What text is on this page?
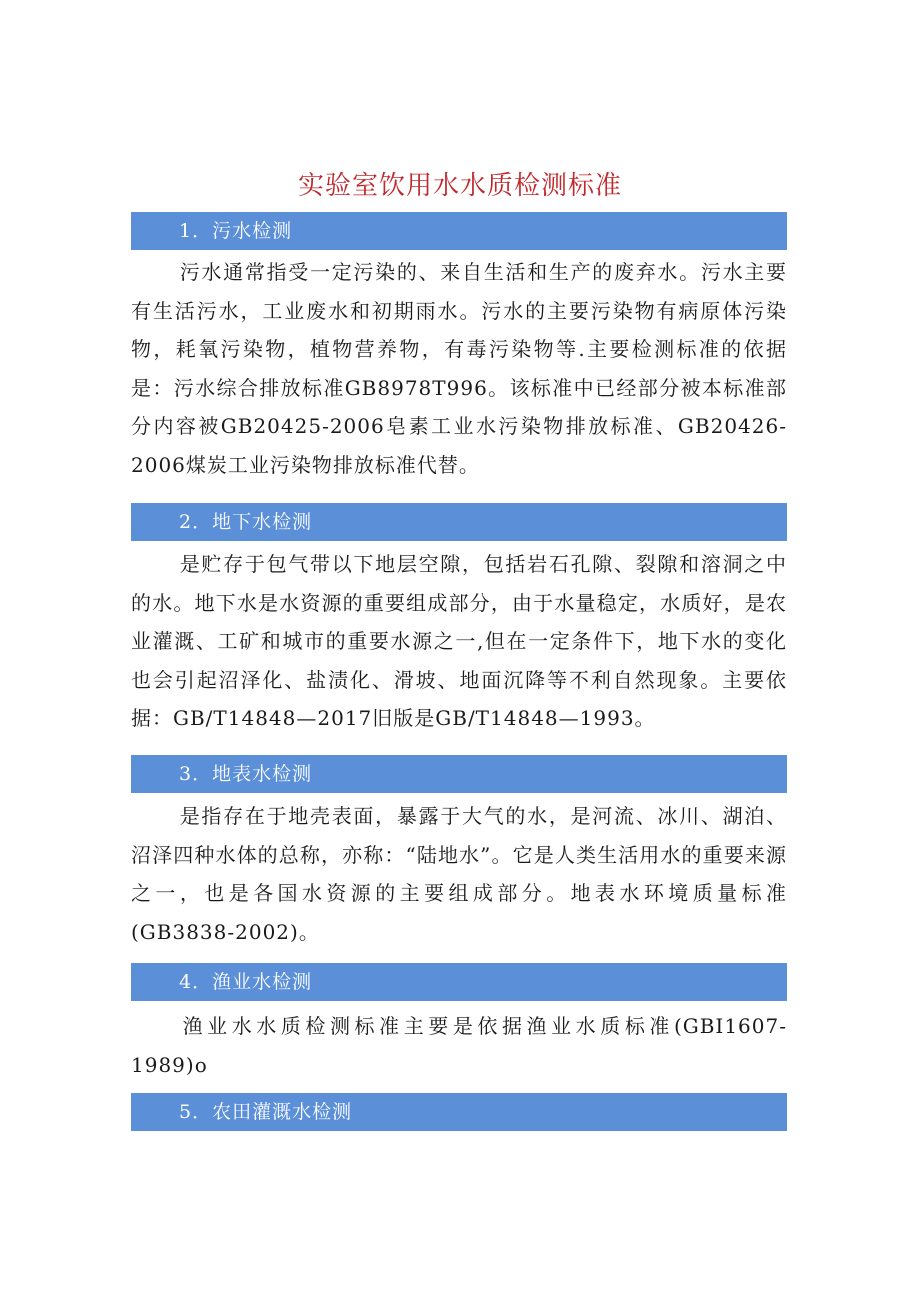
实验室饮用水水质检测标准
1．污水检测
污水通常指受一定污染的、来自生活和生产的废弃水。污水主要有生活污水，工业废水和初期雨水。污水的主要污染物有病原体污染物，耗氧污染物，植物营养物，有毒污染物等.主要检测标准的依据是：污水综合排放标准GB8978T996。该标准中已经部分被本标准部分内容被GB20425-2006皂素工业水污染物排放标准、GB20426-2006煤炭工业污染物排放标准代替。
2．地下水检测
是贮存于包气带以下地层空隙，包括岩石孔隙、裂隙和溶洞之中的水。地下水是水资源的重要组成部分，由于水量稳定，水质好，是农业灌溉、工矿和城市的重要水源之一,但在一定条件下，地下水的变化也会引起沼泽化、盐渍化、滑坡、地面沉降等不利自然现象。主要依据：GB/T14848—2017旧版是GB/T14848—1993。
3．地表水检测
是指存在于地壳表面，暴露于大气的水，是河流、冰川、湖泊、沼泽四种水体的总称，亦称：“陆地水”。它是人类生活用水的重要来源之一，也是各国水资源的主要组成部分。地表水环境质量标准(GB3838-2002)。
4．渔业水检测
渔业水水质检测标准主要是依据渔业水质标准(GBI1607-1989)o
5．农田灌溉水检测
